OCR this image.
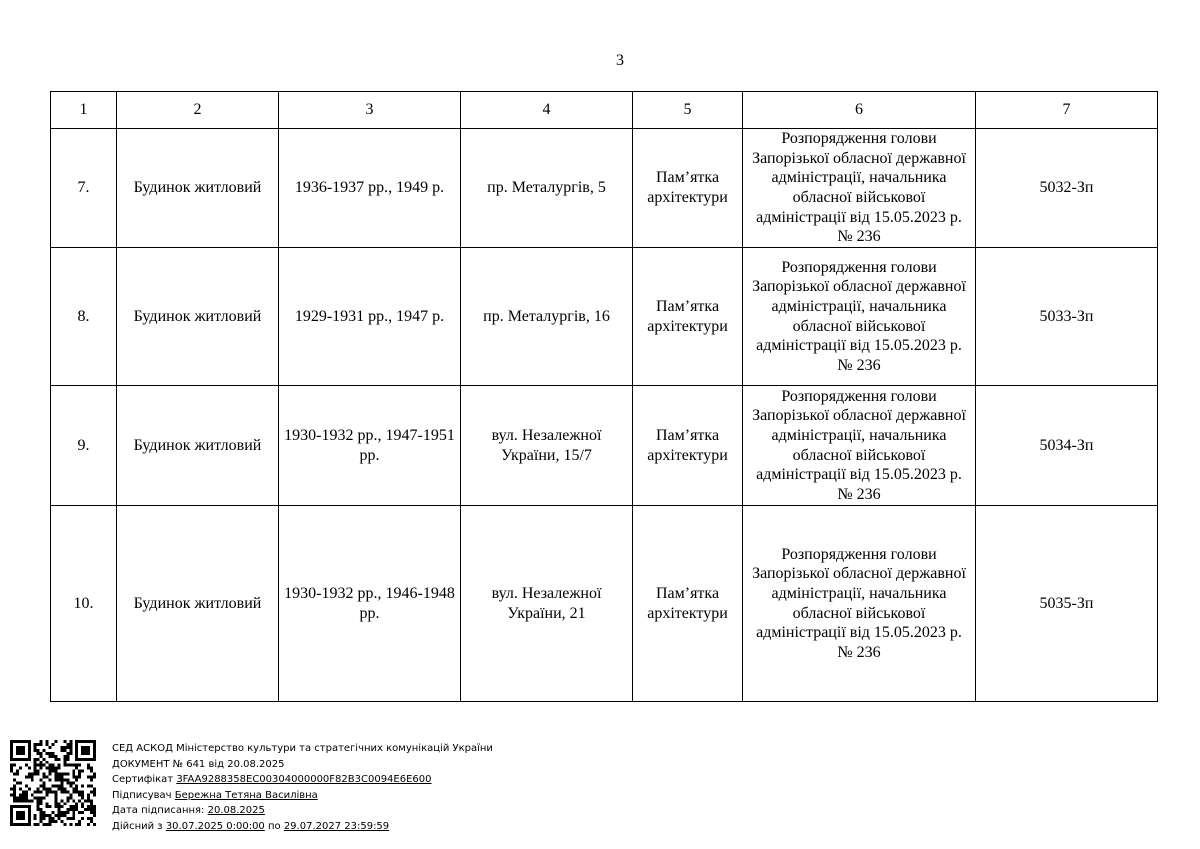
3
1	2	3	4	5	6	7
7.	Будинок житловий	1936-1937 рр., 1949 р.	пр. Металургів, 5	Пам’ятка архітектури	Розпорядження голови Запорізької обласної державної адміністрації, начальника обласної військової адміністрації від 15.05.2023 р. № 236	5032-Зп
8.	Будинок житловий	1929-1931 рр., 1947 р.	пр. Металургів, 16	Пам’ятка архітектури	Розпорядження голови Запорізької обласної державної адміністрації, начальника обласної військової адміністрації від 15.05.2023 р. № 236	5033-Зп
9.	Будинок житловий	1930-1932 рр., 1947-1951 рр.	вул. Незалежної України, 15/7	Пам’ятка архітектури	Розпорядження голови Запорізької обласної державної адміністрації, начальника обласної військової адміністрації від 15.05.2023 р. № 236	5034-Зп
10.	Будинок житловий	1930-1932 рр., 1946-1948 рр.	вул. Незалежної України, 21	Пам’ятка архітектури	Розпорядження голови Запорізької обласної державної адміністрації, начальника обласної військової адміністрації від 15.05.2023 р. № 236	5035-Зп
СЕД АСКОД Міністерство культури та стратегічних комунікацій України
ДОКУМЕНТ № 641 від 20.08.2025
Сертифікат 3FAA9288358EC00304000000F82B3C0094E6E600
Підписувач Бережна Тетяна Василівна
Дата підписання: 20.08.2025
Дійсний з 30.07.2025 0:00:00 по 29.07.2027 23:59:59
